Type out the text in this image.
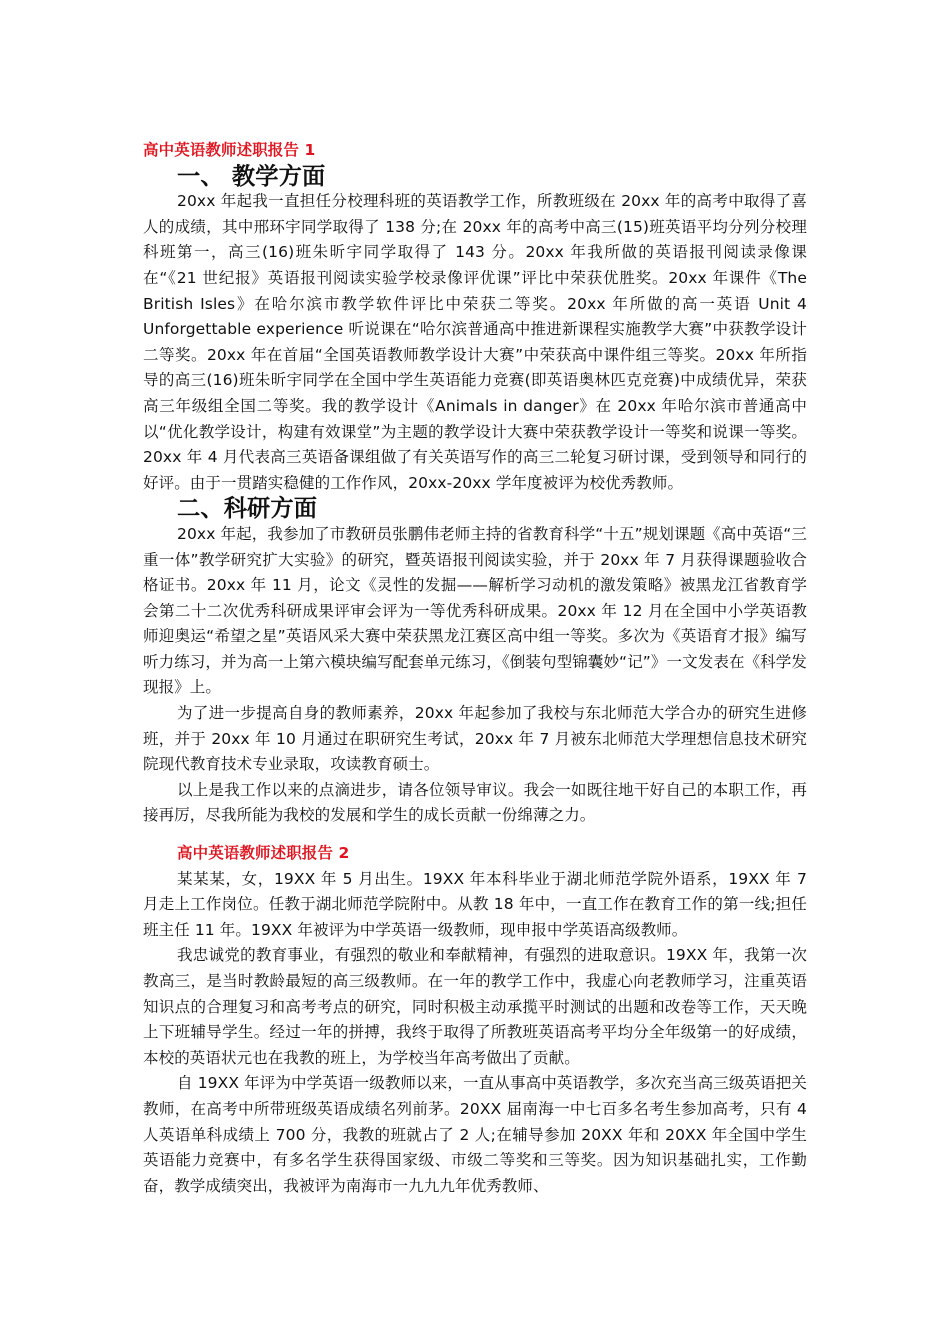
高中英语教师述职报告 1
一、 教学方面

20xx 年起我一直担任分校理科班的英语教学工作，所教班级在 20xx 年的高考中取得了喜人的成绩，其中邢环宇同学取得了 138 分;在 20xx 年的高考中高三(15)班英语平均分列分校理科班第一，高三(16)班朱昕宇同学取得了 143 分。20xx 年我所做的英语报刊阅读录像课在“《21 世纪报》英语报刊阅读实验学校录像评优课”评比中荣获优胜奖。20xx 年课件《The British Isles》在哈尔滨市教学软件评比中荣获二等奖。20xx 年所做的高一英语 Unit 4 Unforgettable experience 听说课在“哈尔滨普通高中推进新课程实施教学大赛”中获教学设计二等奖。20xx 年在首届“全国英语教师教学设计大赛”中荣获高中课件组三等奖。20xx 年所指导的高三(16)班朱昕宇同学在全国中学生英语能力竞赛(即英语奥林匹克竞赛)中成绩优异，荣获高三年级组全国二等奖。我的教学设计《Animals in danger》在 20xx 年哈尔滨市普通高中以“优化教学设计，构建有效课堂”为主题的教学设计大赛中荣获教学设计一等奖和说课一等奖。20xx 年 4 月代表高三英语备课组做了有关英语写作的高三二轮复习研讨课，受到领导和同行的好评。由于一贯踏实稳健的工作作风，20xx-20xx 学年度被评为校优秀教师。

二、科研方面

20xx 年起，我参加了市教研员张鹏伟老师主持的省教育科学“十五”规划课题《高中英语“三重一体”教学研究扩大实验》的研究，暨英语报刊阅读实验，并于 20xx 年 7 月获得课题验收合格证书。20xx 年 11 月，论文《灵性的发掘——解析学习动机的激发策略》被黑龙江省教育学会第二十二次优秀科研成果评审会评为一等优秀科研成果。20xx 年 12 月在全国中小学英语教师迎奥运“希望之星”英语风采大赛中荣获黑龙江赛区高中组一等奖。多次为《英语育才报》编写听力练习，并为高一上第六模块编写配套单元练习，《倒装句型锦囊妙“记”》一文发表在《科学发现报》上。

为了进一步提高自身的教师素养，20xx 年起参加了我校与东北师范大学合办的研究生进修班，并于 20xx 年 10 月通过在职研究生考试，20xx 年 7 月被东北师范大学理想信息技术研究院现代教育技术专业录取，攻读教育硕士。

以上是我工作以来的点滴进步，请各位领导审议。我会一如既往地干好自己的本职工作，再接再厉，尽我所能为我校的发展和学生的成长贡献一份绵薄之力。

高中英语教师述职报告 2

某某某，女，19XX 年 5 月出生。19XX 年本科毕业于湖北师范学院外语系，19XX 年 7 月走上工作岗位。任教于湖北师范学院附中。从教 18 年中，一直工作在教育工作的第一线;担任班主任 11 年。19XX 年被评为中学英语一级教师，现申报中学英语高级教师。

我忠诚党的教育事业，有强烈的敬业和奉献精神，有强烈的进取意识。19XX 年，我第一次教高三，是当时教龄最短的高三级教师。在一年的教学工作中，我虚心向老教师学习，注重英语知识点的合理复习和高考考点的研究，同时积极主动承揽平时测试的出题和改卷等工作，天天晚上下班辅导学生。经过一年的拼搏，我终于取得了所教班英语高考平均分全年级第一的好成绩，本校的英语状元也在我教的班上，为学校当年高考做出了贡献。

自 19XX 年评为中学英语一级教师以来，一直从事高中英语教学，多次充当高三级英语把关教师，在高考中所带班级英语成绩名列前茅。20XX 届南海一中七百多名考生参加高考，只有 4 人英语单科成绩上 700 分，我教的班就占了 2 人;在辅导参加 20XX 年和 20XX 年全国中学生英语能力竞赛中，有多名学生获得国家级、市级二等奖和三等奖。因为知识基础扎实，工作勤奋，教学成绩突出，我被评为南海市一九九九年优秀教师、
